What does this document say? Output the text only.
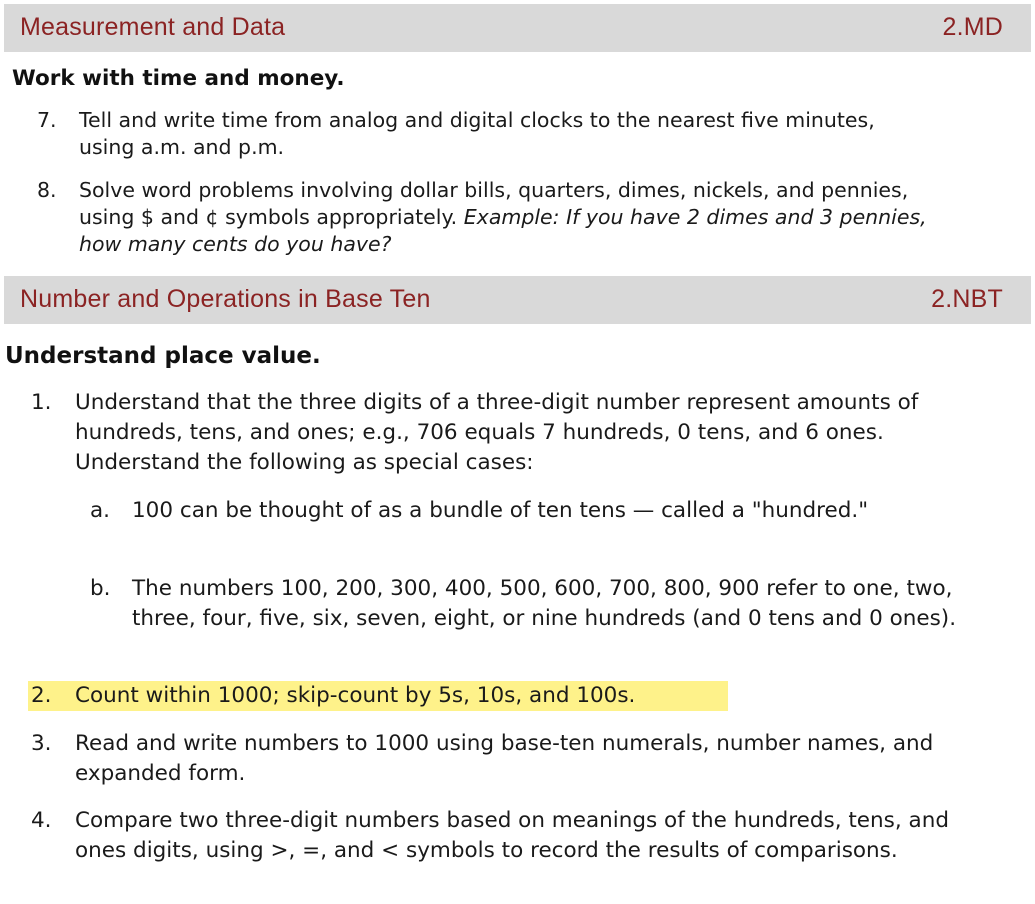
Measurement and Data	2.MD
Work with time and money.
7. Tell and write time from analog and digital clocks to the nearest five minutes, using a.m. and p.m.
8. Solve word problems involving dollar bills, quarters, dimes, nickels, and pennies, using $ and ¢ symbols appropriately. Example: If you have 2 dimes and 3 pennies, how many cents do you have?
Number and Operations in Base Ten	2.NBT
Understand place value.
1. Understand that the three digits of a three-digit number represent amounts of hundreds, tens, and ones; e.g., 706 equals 7 hundreds, 0 tens, and 6 ones. Understand the following as special cases:
a. 100 can be thought of as a bundle of ten tens — called a "hundred."
b. The numbers 100, 200, 300, 400, 500, 600, 700, 800, 900 refer to one, two, three, four, five, six, seven, eight, or nine hundreds (and 0 tens and 0 ones).
2. Count within 1000; skip-count by 5s, 10s, and 100s.
3. Read and write numbers to 1000 using base-ten numerals, number names, and expanded form.
4. Compare two three-digit numbers based on meanings of the hundreds, tens, and ones digits, using >, =, and < symbols to record the results of comparisons.
